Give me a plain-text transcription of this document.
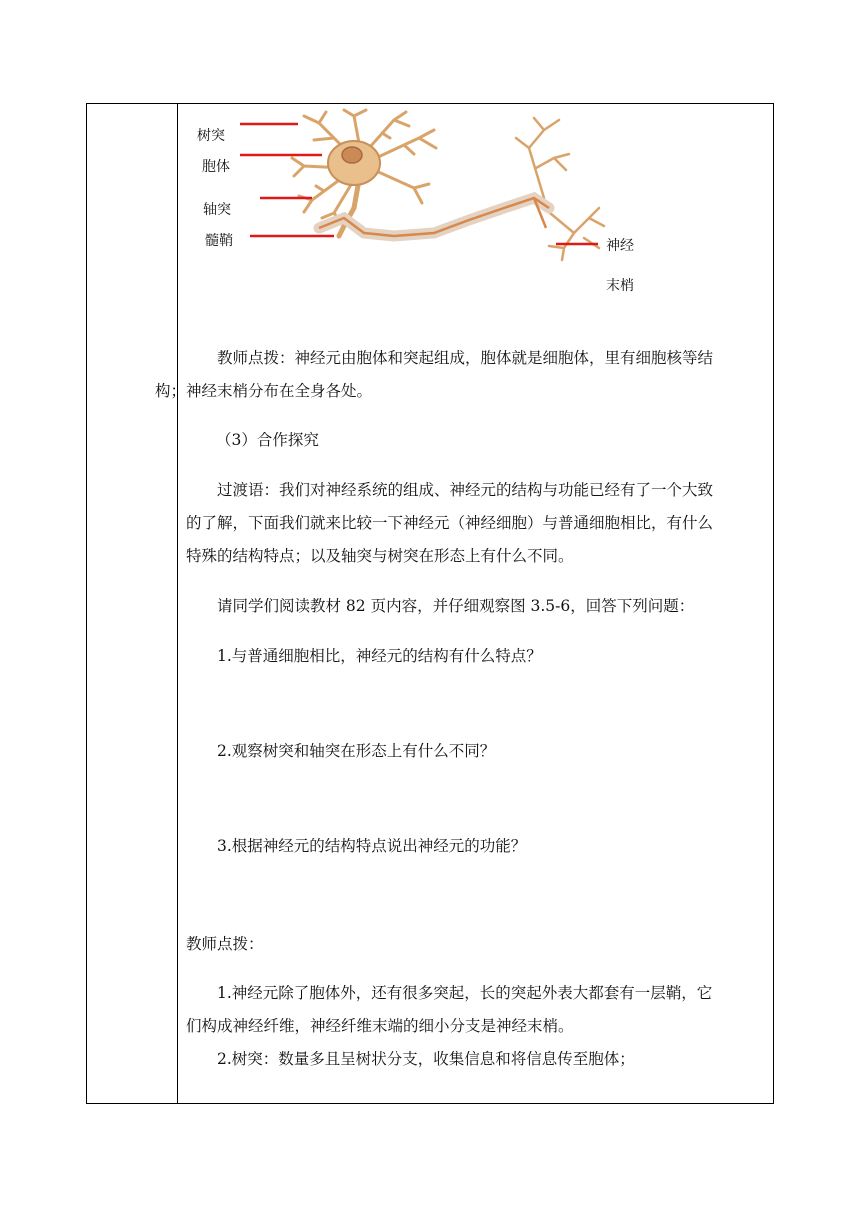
树突
胞体
轴突
髓鞘	神经
末梢

教师点拨：神经元由胞体和突起组成，胞体就是细胞体，里有细胞核等结
构；神经末梢分布在全身各处。

（3）合作探究

过渡语：我们对神经系统的组成、神经元的结构与功能已经有了一个大致
的了解，下面我们就来比较一下神经元（神经细胞）与普通细胞相比，有什么
特殊的结构特点；以及轴突与树突在形态上有什么不同。

请同学们阅读教材 82 页内容，并仔细观察图 3.5-6，回答下列问题：

1.与普通细胞相比，神经元的结构有什么特点？

2.观察树突和轴突在形态上有什么不同？

3.根据神经元的结构特点说出神经元的功能？

教师点拨：

1.神经元除了胞体外，还有很多突起，长的突起外表大都套有一层鞘，它
们构成神经纤维，神经纤维末端的细小分支是神经末梢。

2.树突：数量多且呈树状分支，收集信息和将信息传至胞体；
